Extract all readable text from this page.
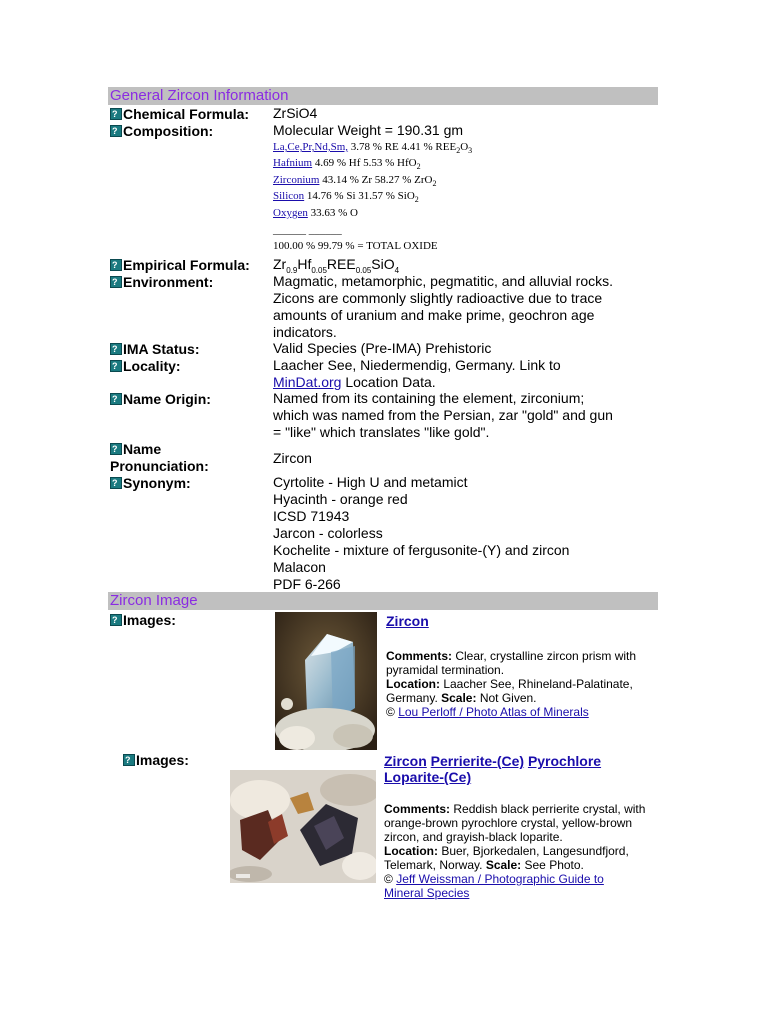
General Zircon Information
?Chemical Formula: ZrSiO4
?Composition:	Molecular Weight = 190.31 gm
La,Ce,Pr,Nd,Sm, 3.78 % RE 4.41 % $REE_2O_3$
Hafnium 4.69 % Hf 5.53 % HfO$_2$
Zirconium 43.14 % Zr 58.27 % ZrO$_2$
Silicon 14.76 % Si 31.57 % SiO$_2$
Oxygen 33.63 % O
______ ______
100.00 % 99.79 % = TOTAL OXIDE
?Empirical Formula: $Zr_{0.9}Hf_{0.05}REE_{0.05}SiO_4$
?Environment:	Magmatic, metamorphic, pegmatitic, and alluvial rocks.
Zicons are commonly slightly radioactive due to trace
amounts of uranium and make prime, geochron age
indicators.
?IMA Status:	Valid Species (Pre-IMA) Prehistoric
?Locality:	Laacher See, Niedermendig, Germany. Link to
MinDat.org Location Data.
?Name Origin:	Named from its containing the element, zirconium;
which was named from the Persian, zar "gold" and gun
= "like" which translates "like gold".
?Name
Pronunciation:	Zircon
?Synonym:	Cyrtolite - High U and metamict
Hyacinth - orange red
ICSD 71943
Jarcon - colorless
Kochelite - mixture of fergusonite-(Y) and zircon
Malacon
PDF 6-266
Zircon Image
?Images:	Zircon
Comments: Clear, crystalline zircon prism with
pyramidal termination.
Location: Laacher See, Rhineland-Palatinate,
Germany. Scale: Not Given.
© Lou Perloff / Photo Atlas of Minerals
?Images:	Zircon Perrierite-(Ce) Pyrochlore
Loparite-(Ce)
Comments: Reddish black perrierite crystal, with
orange-brown pyrochlore crystal, yellow-brown
zircon, and grayish-black loparite.
Location: Buer, Bjorkedalen, Langesundfjord,
Telemark, Norway. Scale: See Photo.
© Jeff Weissman / Photographic Guide to
Mineral Species
